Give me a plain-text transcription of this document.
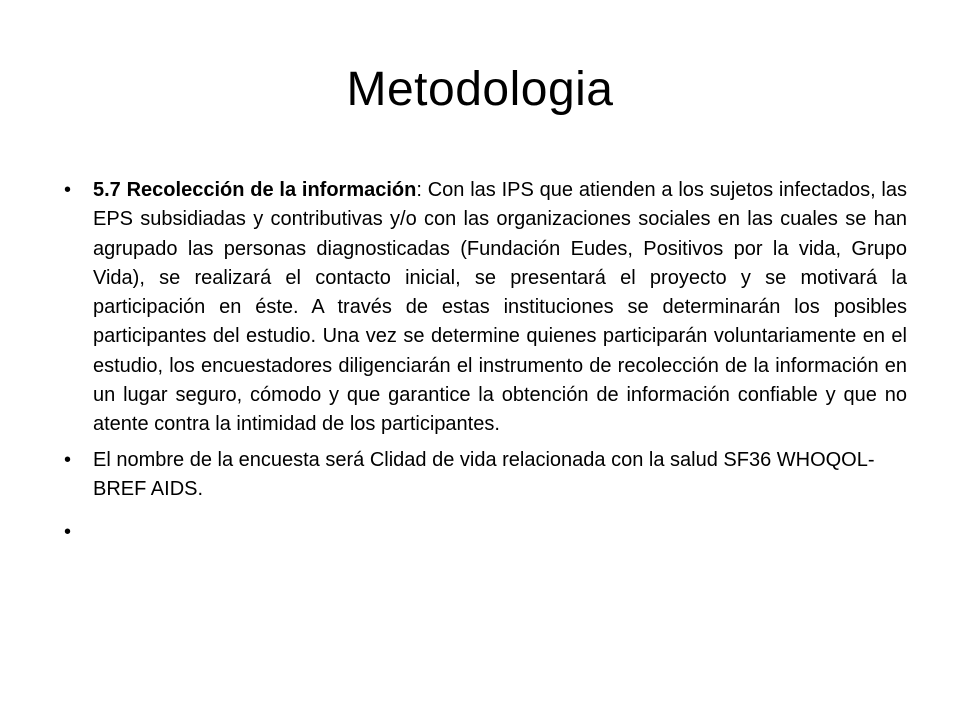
Metodologia
• 5.7 Recolección de la información: Con las IPS que atienden a los sujetos infectados, las EPS subsidiadas y contributivas y/o con las organizaciones sociales en las cuales se han agrupado las personas diagnosticadas (Fundación Eudes, Positivos por la vida, Grupo Vida), se realizará el contacto inicial, se presentará el proyecto y se motivará la participación en éste. A través de estas instituciones se determinarán los posibles participantes del estudio. Una vez se determine quienes participarán voluntariamente en el estudio, los encuestadores diligenciarán el instrumento de recolección de la información en un lugar seguro, cómodo y que garantice la obtención de información confiable y que no atente contra la intimidad de los participantes.
• El nombre de la encuesta será Clidad de vida relacionada con la salud SF36 WHOQOL-BREF AIDS.
•
